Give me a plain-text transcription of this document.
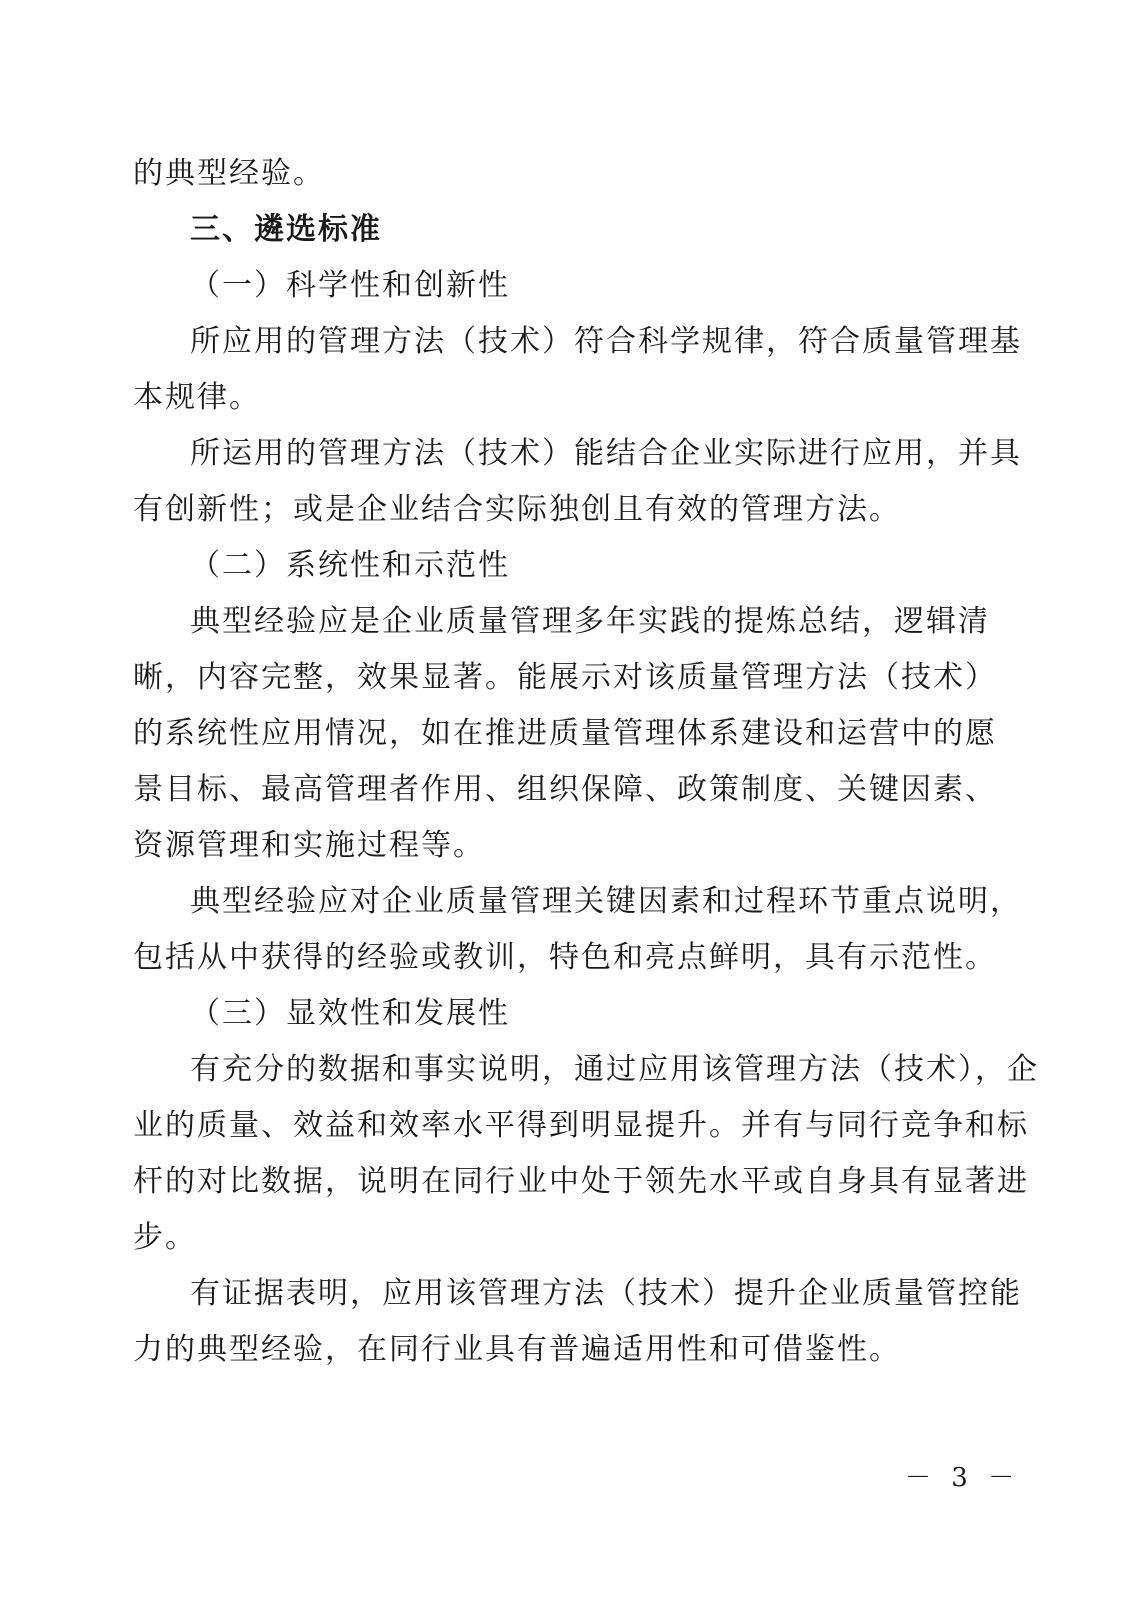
的典型经验。
三、遴选标准
（一）科学性和创新性
所应用的管理方法（技术）符合科学规律，符合质量管理基
本规律。
所运用的管理方法（技术）能结合企业实际进行应用，并具
有创新性；或是企业结合实际独创且有效的管理方法。
（二）系统性和示范性
典型经验应是企业质量管理多年实践的提炼总结，逻辑清
晰，内容完整，效果显著。能展示对该质量管理方法（技术）
的系统性应用情况，如在推进质量管理体系建设和运营中的愿
景目标、最高管理者作用、组织保障、政策制度、关键因素、
资源管理和实施过程等。
典型经验应对企业质量管理关键因素和过程环节重点说明，
包括从中获得的经验或教训，特色和亮点鲜明，具有示范性。
（三）显效性和发展性
有充分的数据和事实说明，通过应用该管理方法（技术），企
业的质量、效益和效率水平得到明显提升。并有与同行竞争和标
杆的对比数据，说明在同行业中处于领先水平或自身具有显著进
步。
有证据表明，应用该管理方法（技术）提升企业质量管控能
力的典型经验，在同行业具有普遍适用性和可借鉴性。
－ 3 －
